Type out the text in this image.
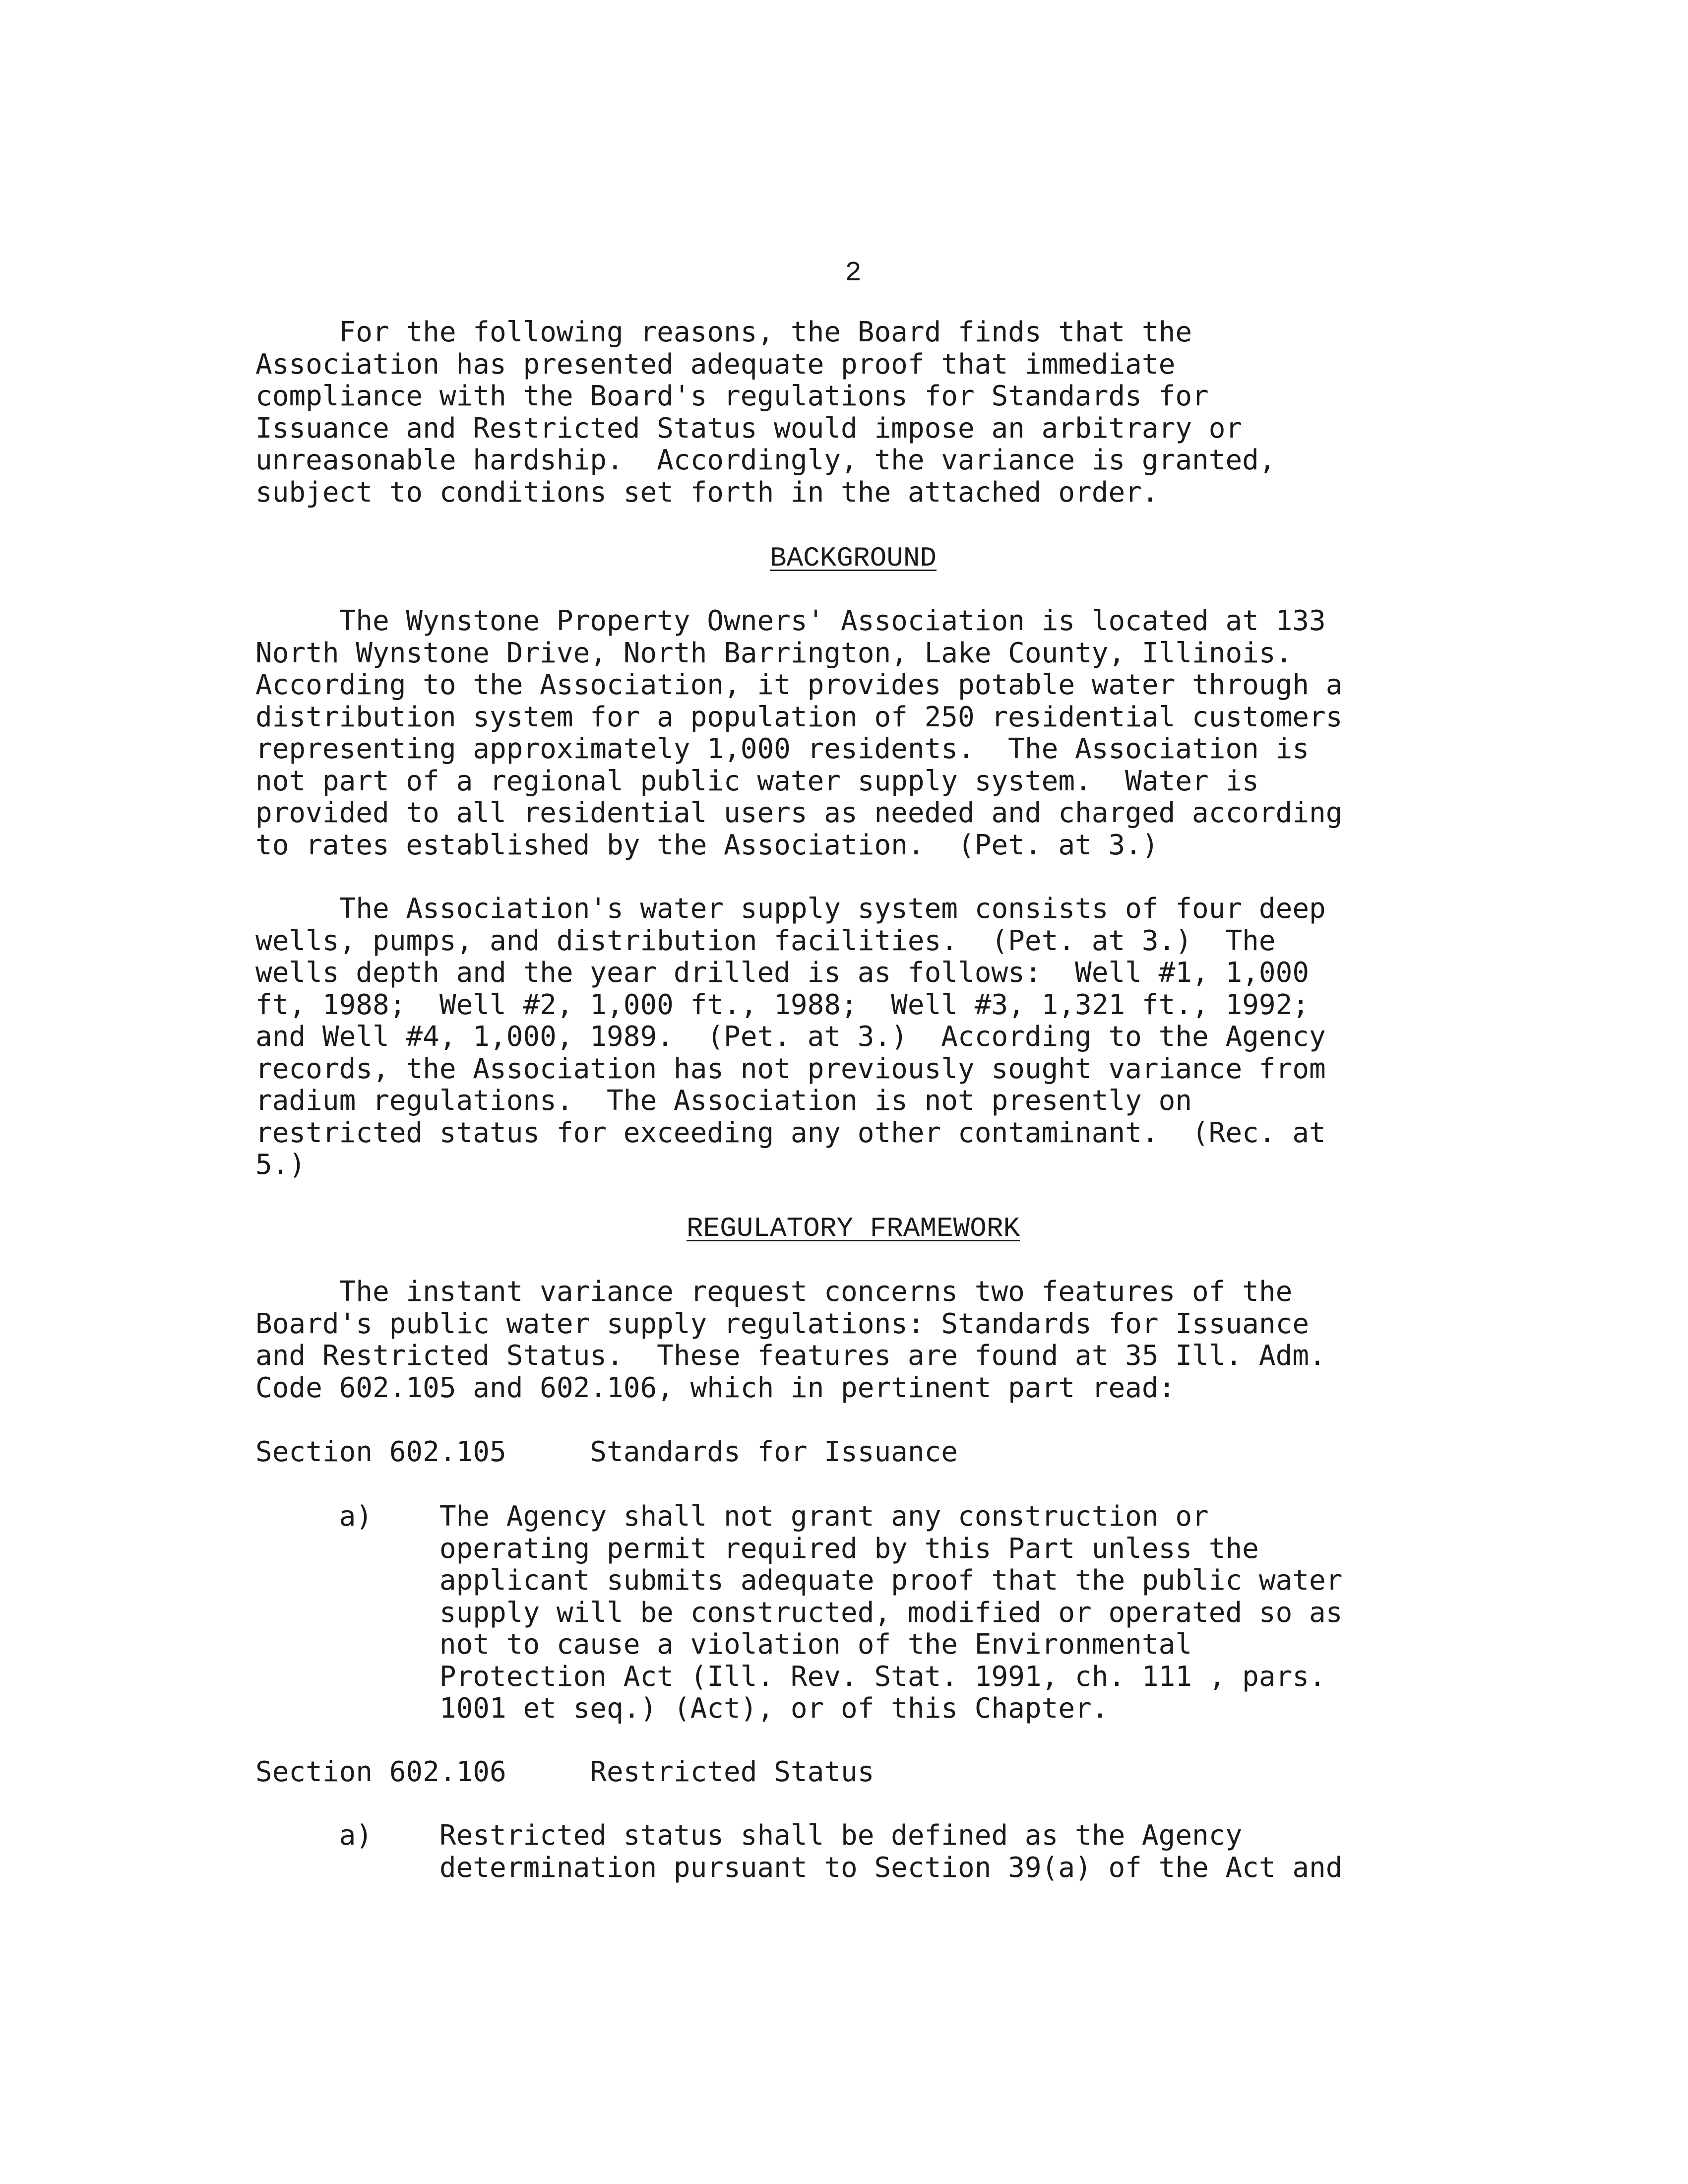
2
For the following reasons, the Board finds that the
Association has presented adequate proof that immediate
compliance with the Board's regulations for Standards for
Issuance and Restricted Status would impose an arbitrary or
unreasonable hardship.  Accordingly, the variance is granted,
subject to conditions set forth in the attached order.
BACKGROUND
The Wynstone Property Owners' Association is located at 133
North Wynstone Drive, North Barrington, Lake County, Illinois.
According to the Association, it provides potable water through a
distribution system for a population of 250 residential customers
representing approximately 1,000 residents.  The Association is
not part of a regional public water supply system.  Water is
provided to all residential users as needed and charged according
to rates established by the Association.  (Pet. at 3.)
The Association's water supply system consists of four deep
wells, pumps, and distribution facilities.  (Pet. at 3.)  The
wells depth and the year drilled is as follows:  Well #1, 1,000
ft, 1988;  Well #2, 1,000 ft., 1988;  Well #3, 1,321 ft., 1992;
and Well #4, 1,000, 1989.  (Pet. at 3.)  According to the Agency
records, the Association has not previously sought variance from
radium regulations.  The Association is not presently on
restricted status for exceeding any other contaminant.  (Rec. at
5.)
REGULATORY FRAMEWORK
The instant variance request concerns two features of the
Board's public water supply regulations: Standards for Issuance
and Restricted Status.  These features are found at 35 Ill. Adm.
Code 602.105 and 602.106, which in pertinent part read:
Section 602.105     Standards for Issuance
a)    The Agency shall not grant any construction or
operating permit required by this Part unless the
applicant submits adequate proof that the public water
supply will be constructed, modified or operated so as
not to cause a violation of the Environmental
Protection Act (Ill. Rev. Stat. 1991, ch. 111 , pars.
1001 et seq.) (Act), or of this Chapter.
Section 602.106     Restricted Status
a)    Restricted status shall be defined as the Agency
determination pursuant to Section 39(a) of the Act and
